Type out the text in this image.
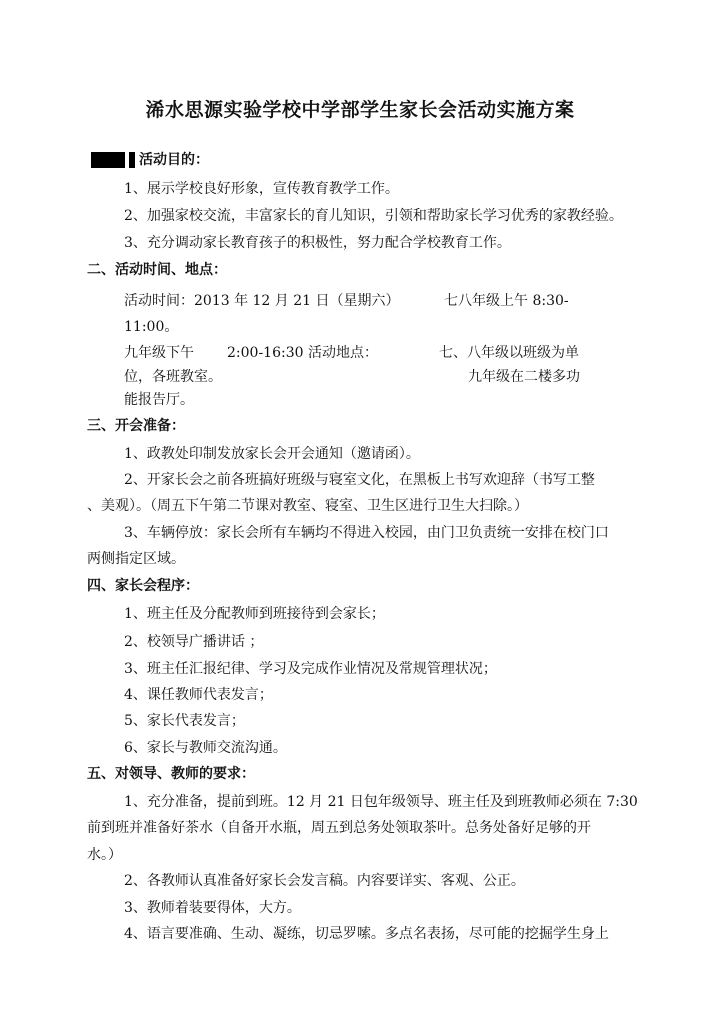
浠水思源实验学校中学部学生家长会活动实施方案
活动目的：
1、展示学校良好形象，宣传教育教学工作。
2、加强家校交流，丰富家长的育儿知识，引领和帮助家长学习优秀的家教经验。
3、充分调动家长教育孩子的积极性，努力配合学校教育工作。
二、活动时间、地点：
活动时间：2013 年 12 月 21 日（星期六）	七八年级上午 8:30-
11:00。
九年级下午 2:00-16:30 活动地点：	七、八年级以班级为单
位，各班教室。	九年级在二楼多功
能报告厅。
三、开会准备：
1、政教处印制发放家长会开会通知（邀请函）。
2、开家长会之前各班搞好班级与寝室文化，在黑板上书写欢迎辞（书写工整
、美观）。（周五下午第二节课对教室、寝室、卫生区进行卫生大扫除。）
3、车辆停放：家长会所有车辆均不得进入校园，由门卫负责统一安排在校门口
两侧指定区域。
四、家长会程序：
1、班主任及分配教师到班接待到会家长；
2、校领导广播讲话 ；
3、班主任汇报纪律、学习及完成作业情况及常规管理状况；
4、课任教师代表发言；
5、家长代表发言；
6、家长与教师交流沟通。
五、对领导、教师的要求：
1、充分准备，提前到班。12 月 21 日包年级领导、班主任及到班教师必须在 7:30
前到班并准备好茶水（自备开水瓶，周五到总务处领取茶叶。总务处备好足够的开
水。）
2、各教师认真准备好家长会发言稿。内容要详实、客观、公正。
3、教师着装要得体，大方。
4、语言要准确、生动、凝练，切忌罗嗦。多点名表扬，尽可能的挖掘学生身上
